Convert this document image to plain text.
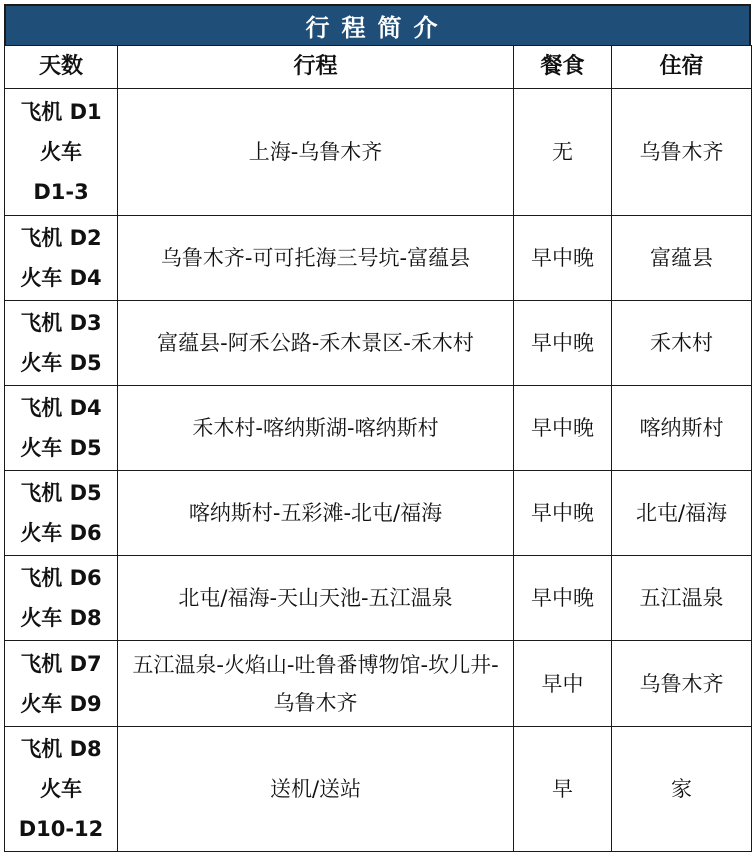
行程简介
天数	行程	餐食	住宿

飞机 D1
火车
D1-3	上海-乌鲁木齐	无	乌鲁木齐

飞机 D2
火车 D4	乌鲁木齐-可可托海三号坑-富蕴县	早中晚	富蕴县

飞机 D3
火车 D5	富蕴县-阿禾公路-禾木景区-禾木村	早中晚	禾木村

飞机 D4
火车 D5	禾木村-喀纳斯湖-喀纳斯村	早中晚	喀纳斯村

飞机 D5
火车 D6	喀纳斯村-五彩滩-北屯/福海	早中晚	北屯/福海

飞机 D6
火车 D8	北屯/福海-天山天池-五江温泉	早中晚	五江温泉

飞机 D7
火车 D9	五江温泉-火焰山-吐鲁番博物馆-坎儿井-乌鲁木齐	早中	乌鲁木齐

飞机 D8
火车
D10-12	送机/送站	早	家
